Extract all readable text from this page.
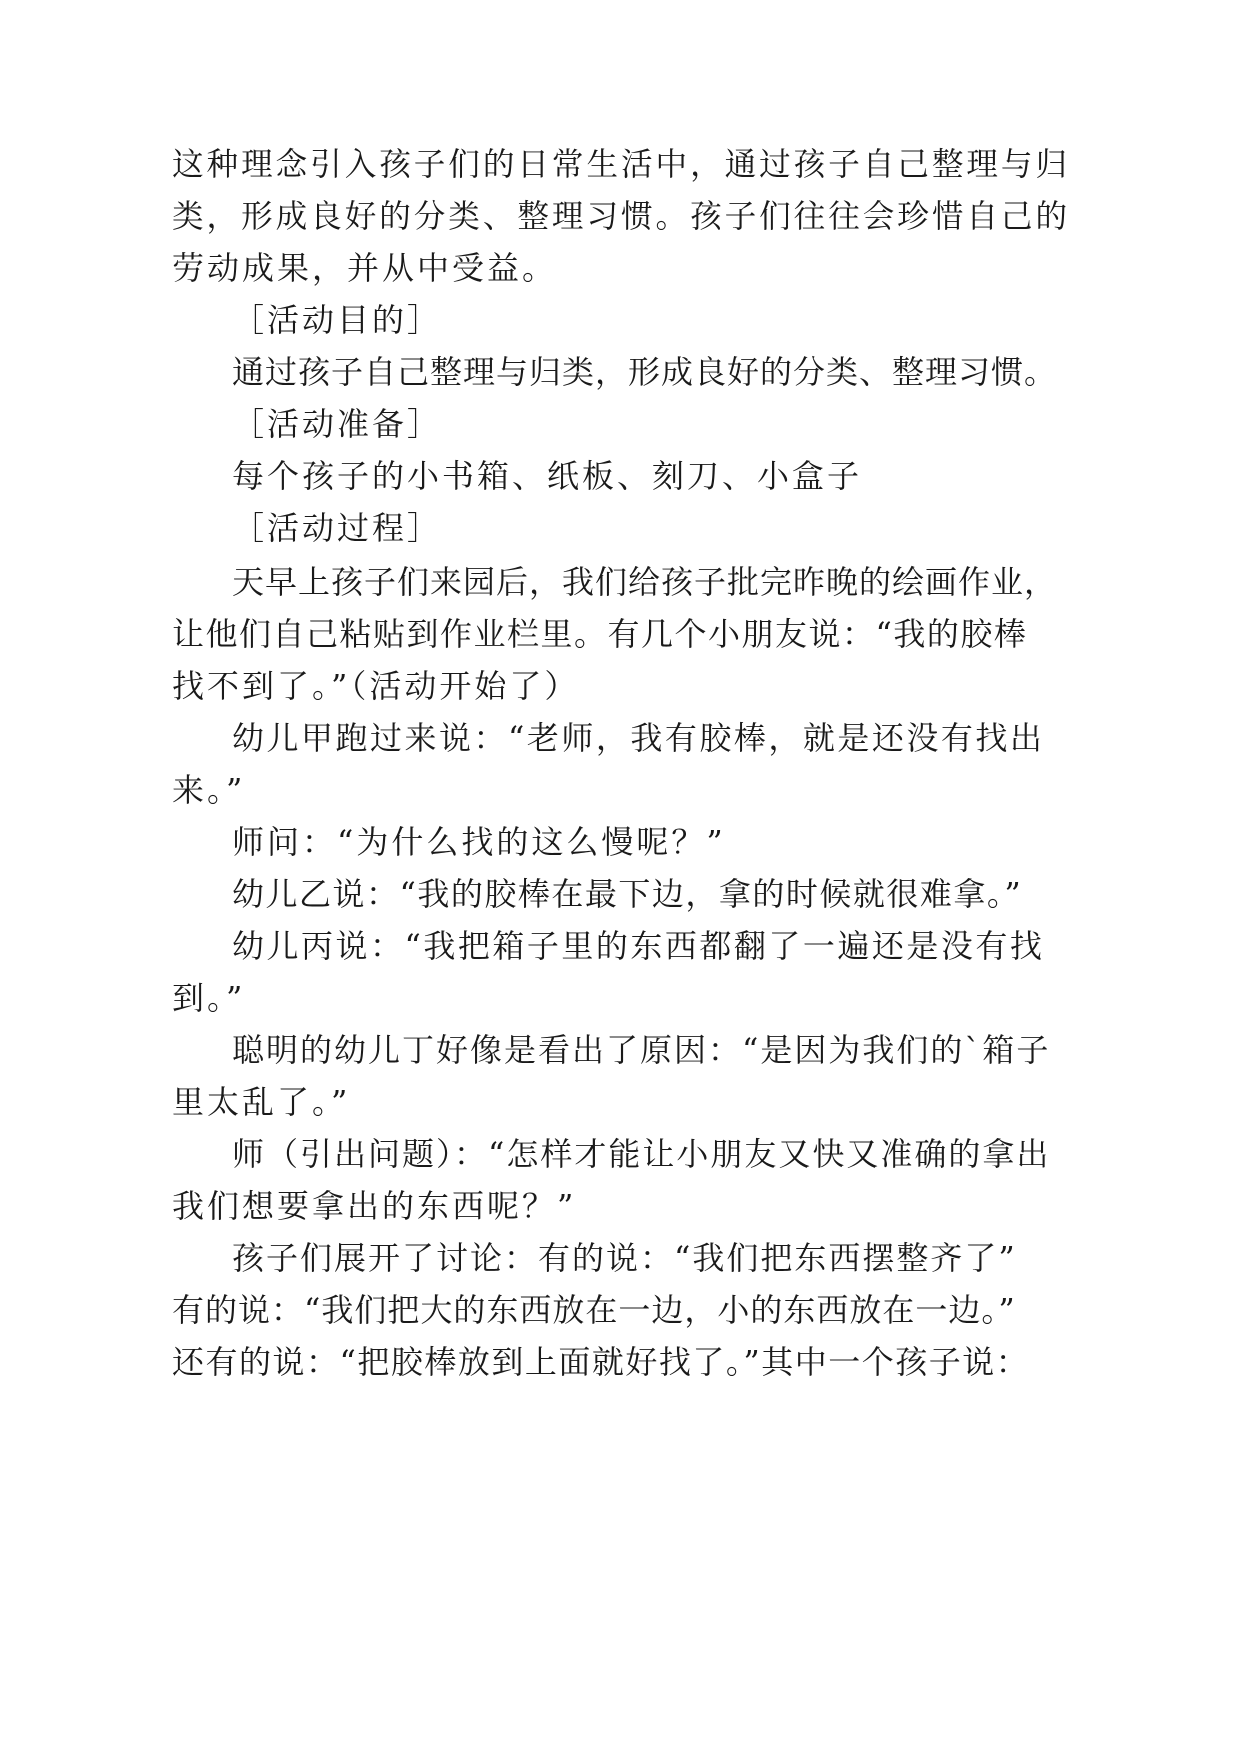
这种理念引入孩子们的日常生活中，通过孩子自己整理与归
类，形成良好的分类、整理习惯。孩子们往往会珍惜自己的
劳动成果，并从中受益。
［活动目的］
通过孩子自己整理与归类，形成良好的分类、整理习惯。
［活动准备］
每个孩子的小书箱、纸板、刻刀、小盒子
［活动过程］
天早上孩子们来园后，我们给孩子批完昨晚的绘画作业，
让他们自己粘贴到作业栏里。有几个小朋友说：“我的胶棒
找不到了。”（活动开始了）
幼儿甲跑过来说：“老师，我有胶棒，就是还没有找出
来。”
师问：“为什么找的这么慢呢？”
幼儿乙说：“我的胶棒在最下边，拿的时候就很难拿。”
幼儿丙说：“我把箱子里的东西都翻了一遍还是没有找
到。”
聪明的幼儿丁好像是看出了原因：“是因为我们的`箱子
里太乱了。”
师（引出问题）：“怎样才能让小朋友又快又准确的拿出
我们想要拿出的东西呢？”
孩子们展开了讨论：有的说：“我们把东西摆整齐了”
有的说：“我们把大的东西放在一边，小的东西放在一边。”
还有的说：“把胶棒放到上面就好找了。”其中一个孩子说：
